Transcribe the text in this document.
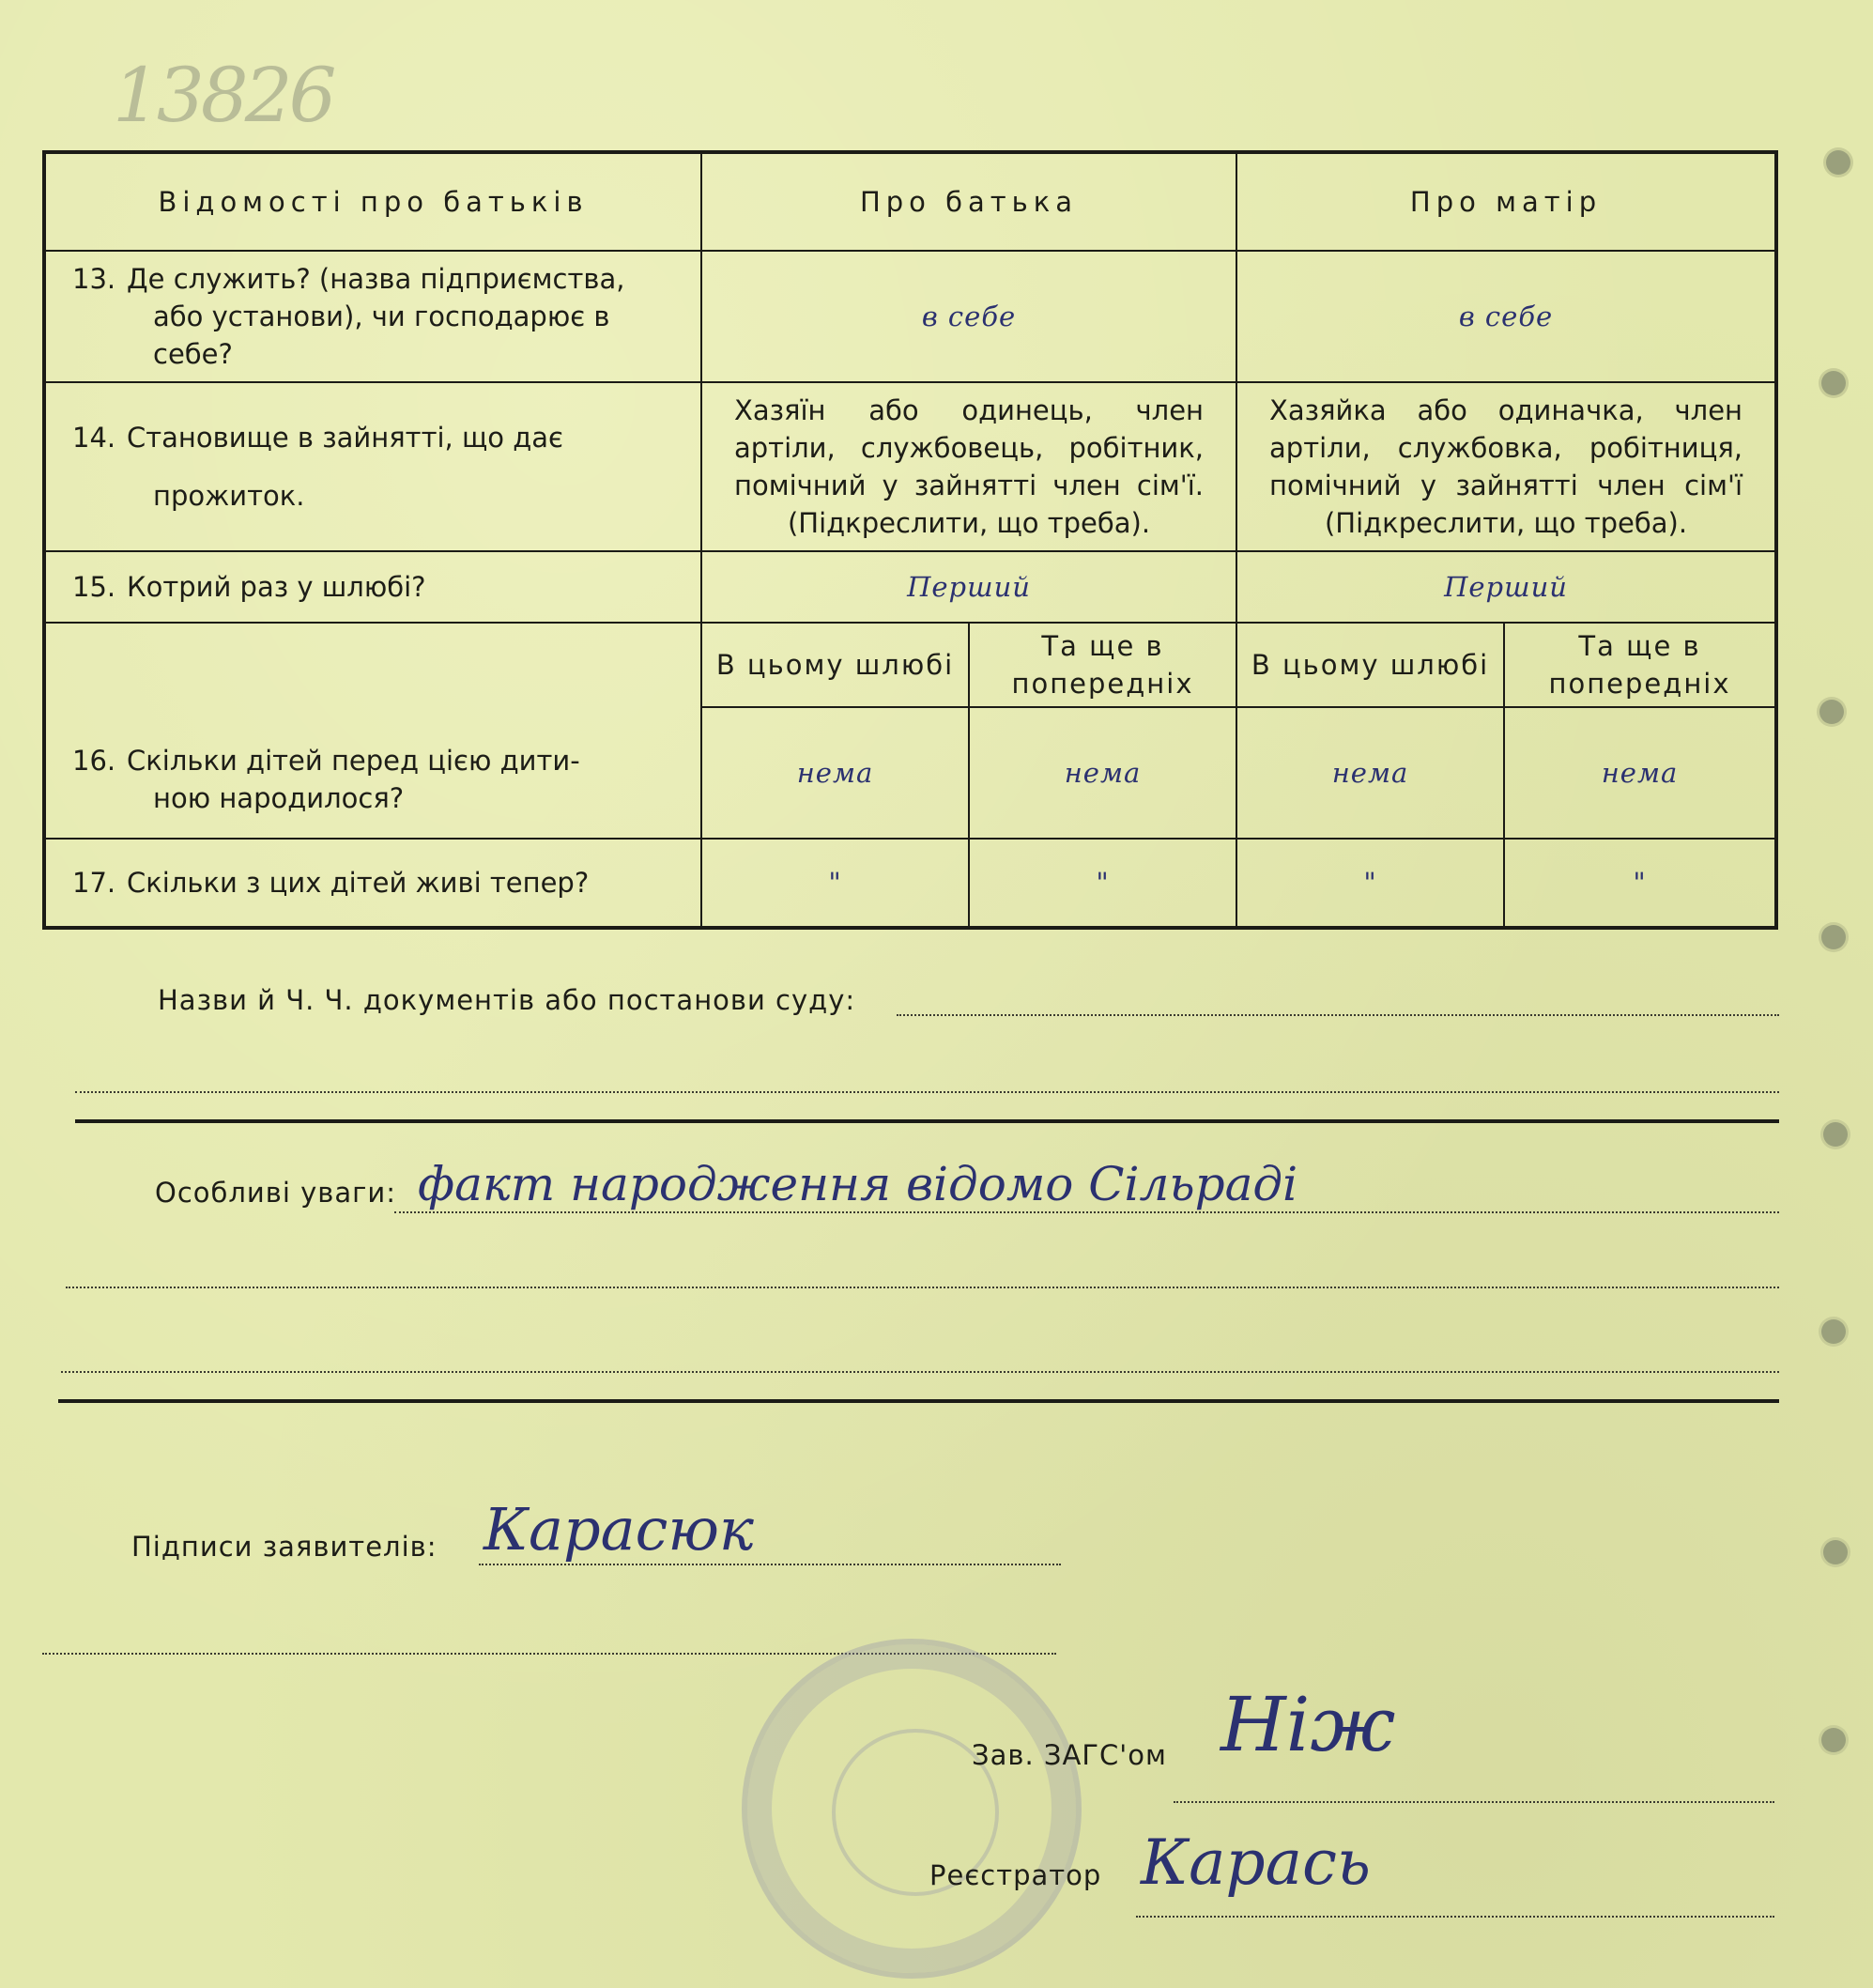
13826
Відомості про батьків	Про батька		Про матір	
13. Де служить? (назва підприємства,
або установи), чи господарює в себе?	в себе		в себе	
14. Становище в зайнятті, що дає
прожиток.	Хазяїн або одинець, член артіли, службовець, робітник, помічний у зайнятті член сім'ї. (Підкреслити, що треба).		Хазяйка або одиначка, член артіли, службовка, робітниця, помічний у зайнятті член сім'ї (Підкреслити, що треба).	
15. Котрий раз у шлюбі?	Перший		Перший	
16. Скільки дітей перед цією дити-
ною народилося?	В цьому шлюбі	Та ще в попередніх	В цьому шлюбі	Та ще в попередніх
	нема	нема	нема	нема
17. Скільки з цих дітей живі тепер?	"	"	"	"
Назви й Ч. Ч. документів або постанови суду:
Особливі уваги: факт народження відомо Сільраді
Підписи заявителів: Карасюк
Зав. ЗАГС'ом Ніж
Реєстратор Карась
